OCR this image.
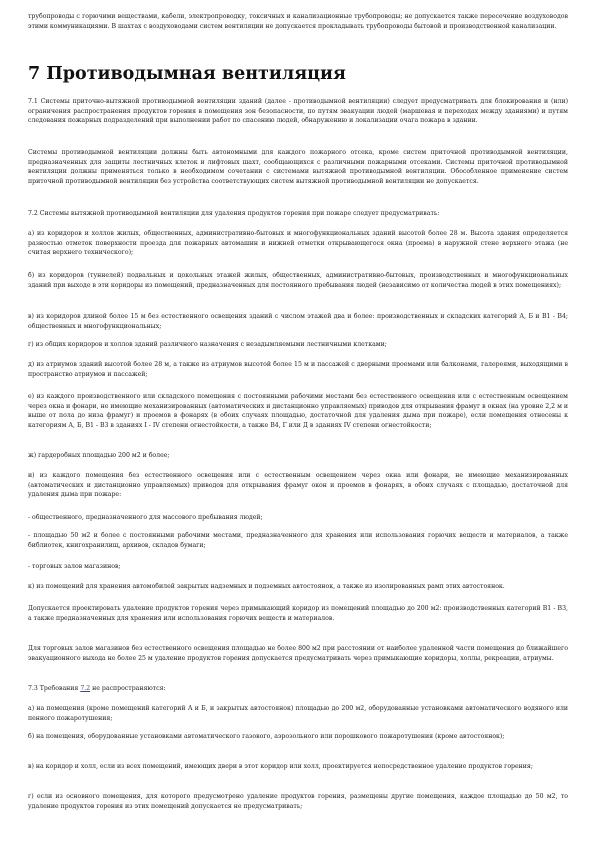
трубопроводы с горючими веществами, кабели, электропроводку, токсичных и канализационные трубопроводы; не допускается также пересечение воздуховодов этими коммуникациями. В шахтах с воздуховодами систем вентиляции не допускается прокладывать трубопроводы бытовой и производственной канализации.

7 Противодымная вентиляция

7.1 Системы приточно-вытяжной противодымной вентиляции зданий (далее - противодымной вентиляции) следует предусматривать для блокирования и (или) ограничения распространения продуктов горения в помещения зон безопасности, по путям эвакуации людей (маршевая и переходах между зданиями) и путям следования пожарных подразделений при выполнении работ по спасению людей, обнаружению и локализации очага пожара в здании.

Системы противодымной вентиляции должны быть автономными для каждого пожарного отсека, кроме систем приточной противодымной вентиляции, предназначенных для защиты лестничных клеток и лифтовых шахт, сообщающихся с различными пожарными отсеками. Системы приточной противодымной вентиляции должны применяться только в необходимом сочетании с системами вытяжной противодымной вентиляции. Обособленное применение систем приточной противодымной вентиляции без устройства соответствующих систем вытяжной противодымной вентиляции не допускается.

7.2 Системы вытяжной противодымной вентиляции для удаления продуктов горения при пожаре следует предусматривать:

а) из коридоров и холлов жилых, общественных, административно-бытовых и многофункциональных зданий высотой более 28 м. Высота здания определяется разностью отметок поверхности проезда для пожарных автомашин и нижней отметки открывающегося окна (проема) в наружной стене верхнего этажа (не считая верхнего технического);

б) из коридоров (туннелей) подвальных и цокольных этажей жилых, общественных, административно-бытовых, производственных и многофункциональных зданий при выходе в эти коридоры из помещений, предназначенных для постоянного пребывания людей (независимо от количества людей в этих помещениях);

в) из коридоров длиной более 15 м без естественного освещения зданий с числом этажей два и более: производственных и складских категорий А, Б и В1 - В4; общественных и многофункциональных;

г) из общих коридоров и холлов зданий различного назначения с незадымляемыми лестничными клетками;

д) из атриумов зданий высотой более 28 м, а также из атриумов высотой более 15 м и пассажей с дверными проемами или балконами, галереями, выходящими в пространство атриумов и пассажей;

е) из каждого производственного или складского помещения с постоянными рабочими местами без естественного освещения или с естественным освещением через окна и фонари, не имеющие механизированных (автоматических и дистанционно управляемых) приводов для открывания фрамуг в окнах (на уровне 2,2 м и выше от пола до низа фрамуг) и проемов в фонарях (в обоих случаях площадью, достаточной для удаления дыма при пожаре), если помещения отнесены к категориям А, Б, В1 - В3 в зданиях I - IV степени огнестойкости, а также В4, Г или Д в зданиях IV степени огнестойкости;

ж) гардеробных площадью 200 м2 и более;

и) из каждого помещения без естественного освещения или с естественным освещением через окна или фонари, не имеющие механизированных (автоматических и дистанционно управляемых) приводов для открывания фрамуг окон и проемов в фонарях, в обоих случаях с площадью, достаточной для удаления дыма при пожаре:

- общественного, предназначенного для массового пребывания людей;

- площадью 50 м2 и более с постоянными рабочими местами, предназначенного для хранения или использования горючих веществ и материалов, а также библиотек, книгохранилищ, архивов, складов бумаги;

- торговых залов магазинов;

к) из помещений для хранения автомобилей закрытых надземных и подземных автостоянок, а также из изолированных рамп этих автостоянок.

Допускается проектировать удаление продуктов горения через примыкающий коридор из помещений площадью до 200 м2: производственных категорий В1 - В3, а также предназначенных для хранения или использования горючих веществ и материалов.

Для торговых залов магазинов без естественного освещения площадью не более 800 м2 при расстоянии от наиболее удаленной части помещения до ближайшего эвакуационного выхода не более 25 м удаление продуктов горения допускается предусматривать через примыкающие коридоры, холлы, рекреации, атриумы.

7.3 Требования 7.2 не распространяются:

а) на помещения (кроме помещений категорий А и Б, и закрытых автостоянок) площадью до 200 м2, оборудованные установками автоматического водяного или пенного пожаротушения;

б) на помещения, оборудованные установками автоматического газового, аэрозольного или порошкового пожаротушения (кроме автостоянок);

в) на коридор и холл, если из всех помещений, имеющих двери в этот коридор или холл, проектируется непосредственное удаление продуктов горения;

г) если из основного помещения, для которого предусмотрено удаление продуктов горения, размещены другие помещения, каждое площадью до 50 м2, то удаление продуктов горения из этих помещений допускается не предусматривать;
